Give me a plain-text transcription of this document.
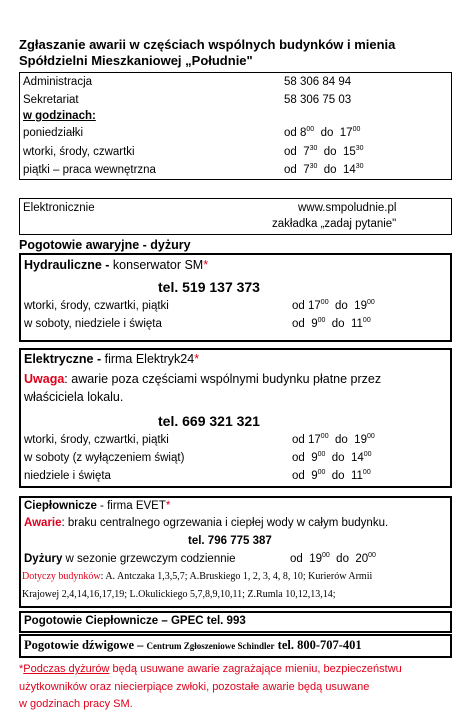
Zgłaszanie awarii w częściach wspólnych budynków i mienia
Spółdzielni Mieszkaniowej „Południe"
Administracja	58 306 84 94
Sekretariat	58 306 75 03
w godzinach:
poniedziałki	od $8^{00}$ do $17^{00}$
wtorki, środy, czwartki	od $7^{30}$ do $15^{30}$
piątki – praca wewnętrzna	od $7^{30}$ do $14^{30}$
Elektronicznie	www.smpoludnie.pl
zakładka „zadaj pytanie"
Pogotowie awaryjne - dyżury
Hydrauliczne - konserwator SM*
tel. 519 137 373
wtorki, środy, czwartki, piątki	od $17^{00}$ do $19^{00}$
w soboty, niedziele i święta	od $9^{00}$ do $11^{00}$
Elektryczne - firma Elektryk24*
Uwaga: awarie poza częściami wspólnymi budynku płatne przez
właściciela lokalu.
tel. 669 321 321
wtorki, środy, czwartki, piątki	od $17^{00}$ do $19^{00}$
w soboty (z wyłączeniem świąt)	od $9^{00}$ do $14^{00}$
niedziele i święta	od $9^{00}$ do $11^{00}$
Ciepłownicze - firma EVET*
Awarie: braku centralnego ogrzewania i ciepłej wody w całym budynku.
tel. 796 775 387
Dyżury w sezonie grzewczym codziennie	od $19^{00}$ do $20^{00}$
Dotyczy budynków: A. Antczaka 1,3,5,7; A.Bruskiego 1, 2, 3, 4, 8, 10; Kurierów Armii
Krajowej 2,4,14,16,17,19; L.Okulickiego 5,7,8,9,10,11; Z.Rumla 10,12,13,14;
Pogotowie Ciepłownicze – GPEC tel. 993
Pogotowie dźwigowe – Centrum Zgłoszeniowe Schindler tel. 800-707-401
*Podczas dyżurów będą usuwane awarie zagrażające mieniu, bezpieczeństwu
użytkowników oraz niecierpiące zwłoki, pozostałe awarie będą usuwane
w godzinach pracy SM.
